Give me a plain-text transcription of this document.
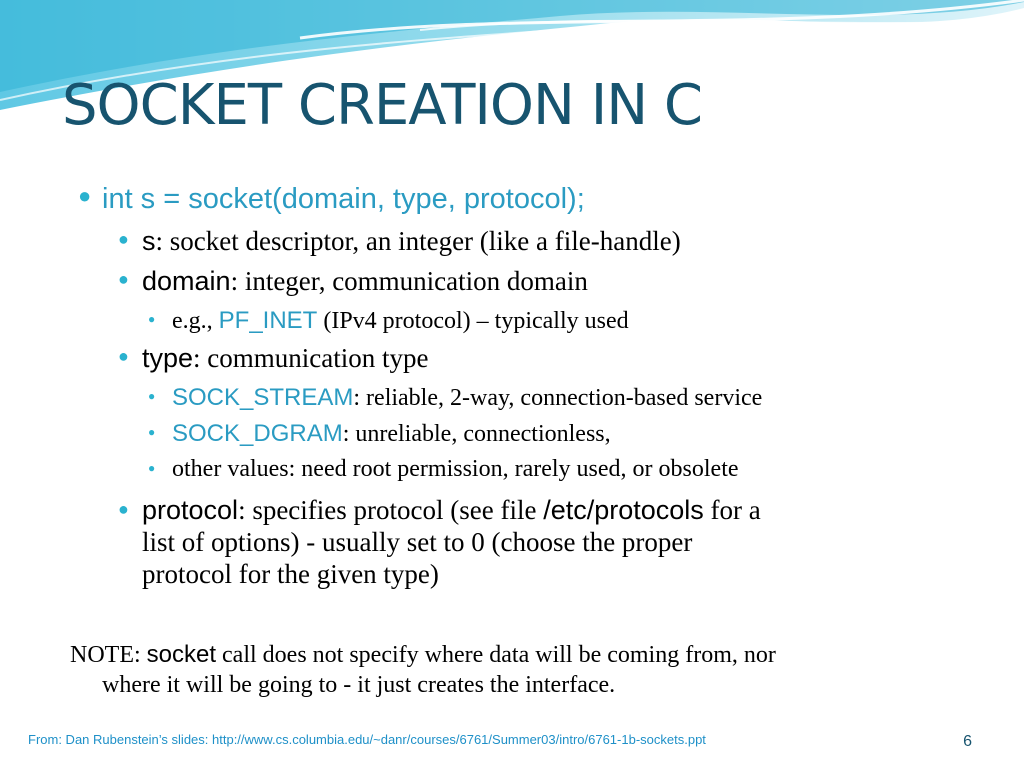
SOCKET CREATION IN C
● int s = socket(domain, type, protocol);
● s: socket descriptor, an integer (like a file-handle)
● domain: integer, communication domain
● e.g., PF_INET (IPv4 protocol) – typically used
● type: communication type
● SOCK_STREAM: reliable, 2-way, connection-based service
● SOCK_DGRAM: unreliable, connectionless,
● other values: need root permission, rarely used, or obsolete
● protocol: specifies protocol (see file /etc/protocols for a
list of options) - usually set to 0 (choose the proper
protocol for the given type)
NOTE: socket call does not specify where data will be coming from, nor
where it will be going to - it just creates the interface.
From: Dan Rubenstein’s slides: http://www.cs.columbia.edu/~danr/courses/6761/Summer03/intro/6761-1b-sockets.ppt	6
